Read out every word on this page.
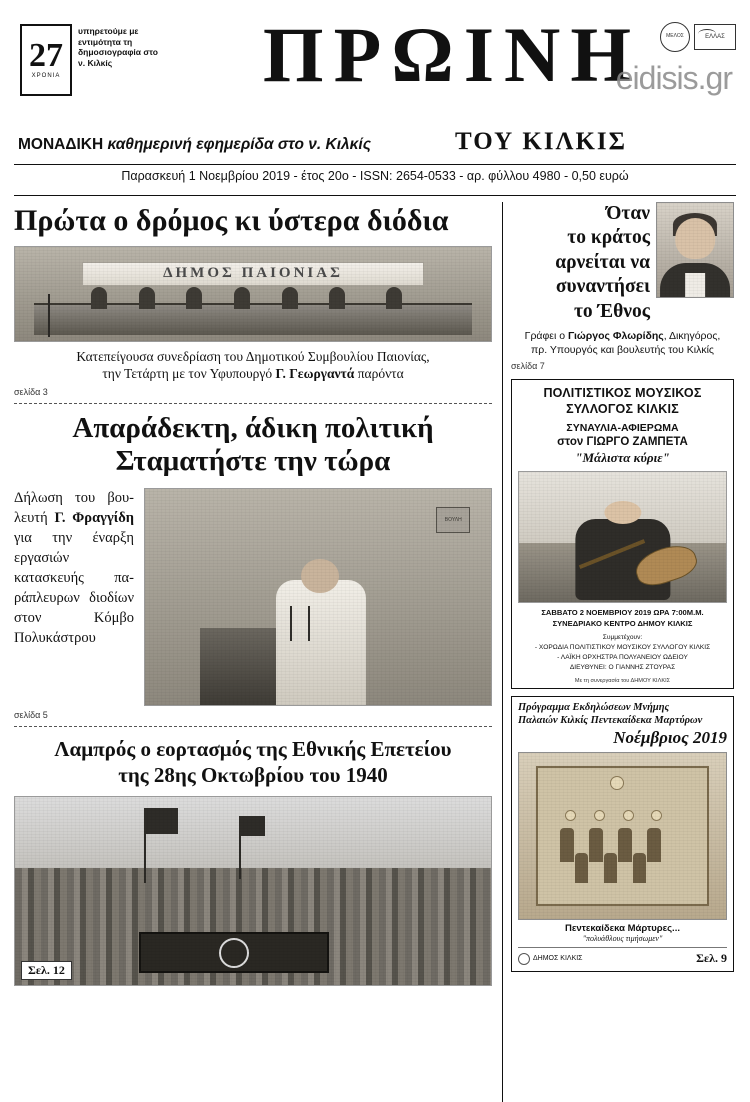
27
ΧΡΟΝΙΑ
υπηρετούμε με εντιμότητα τη δημοσιογραφία στο ν. Κιλκίς	ΠΡΩΙΝΗ
eidisis.gr
ΜΕΛΟΣ	ΕΛΛΑΣ
ΜΟΝΑΔΙΚΗ καθημερινή εφημερίδα στο ν. Κιλκίς	ΤΟΥ ΚΙΛΚΙΣ
Παρασκευή 1 Νοεμβρίου 2019 - έτος 20ο - ISSN: 2654-0533 - αρ. φύλλου 4980 - 0,50 ευρώ
Πρώτα ο δρόμος κι ύστερα διόδια
ΔΗΜΟΣ ΠΑΙΟΝΙΑΣ
Κατεπείγουσα συνεδρίαση του Δημοτικού Συμβουλίου Παιονίας,
την Τετάρτη με τον Υφυπουργό Γ. Γεωργαντά παρόντα
σελίδα 3
Απαράδεκτη, άδικη πολιτική
Σταματήστε την τώρα
Δήλωση του βουλευτή Γ. Φραγγίδη για την έναρξη εργασιών κατασκευής παράπλευρων διοδίων στον Κόμβο Πολυκάστρου
ΒΟΥΛΗ
σελίδα 5
Λαμπρός ο εορτασμός της Εθνικής Επετείου
της 28ης Οκτωβρίου του 1940
Σελ. 12
Όταν
το κράτος
αρνείται να
συναντήσει
το Έθνος
Γράφει ο Γιώργος Φλωρίδης, Δικηγόρος,
πρ. Υπουργός και βουλευτής του Κιλκίς
σελίδα 7
ΠΟΛΙΤΙΣΤΙΚΟΣ ΜΟΥΣΙΚΟΣ
ΣΥΛΛΟΓΟΣ ΚΙΛΚΙΣ
ΣΥΝΑΥΛΙΑ-ΑΦΙΕΡΩΜΑ
στον ΓΙΩΡΓΟ ΖΑΜΠΕΤΑ
"Μάλιστα κύριε"
ΣΑΒΒΑΤΟ 2 ΝΟΕΜΒΡΙΟΥ 2019 ΩΡΑ 7:00Μ.Μ.
ΣΥΝΕΔΡΙΑΚΟ ΚΕΝΤΡΟ ΔΗΜΟΥ ΚΙΛΚΙΣ
Συμμετέχουν:
- ΧΟΡΩΔΙΑ ΠΟΛΙΤΙΣΤΙΚΟΥ ΜΟΥΣΙΚΟΥ ΣΥΛΛΟΓΟΥ ΚΙΛΚΙΣ
- ΛΑΪΚΗ ΟΡΧΗΣΤΡΑ ΠΟΛΥΑΝΕΙΟΥ ΩΔΕΙΟΥ
ΔΙΕΥΘΥΝΕΙ: Ο ΓΙΑΝΝΗΣ ΖΤΟΥΡΑΣ
Με τη συνεργασία του ΔΗΜΟΥ ΚΙΛΚΙΣ
Πρόγραμμα Εκδηλώσεων Μνήμης
Παλαιών Κιλκίς Πεντεκαίδεκα Μαρτύρων
Νοέμβριος 2019
Πεντεκαίδεκα Μάρτυρες...
"πολυάθλους τιμήσωμεν"
ΔΗΜΟΣ ΚΙΛΚΙΣ	Σελ. 9
